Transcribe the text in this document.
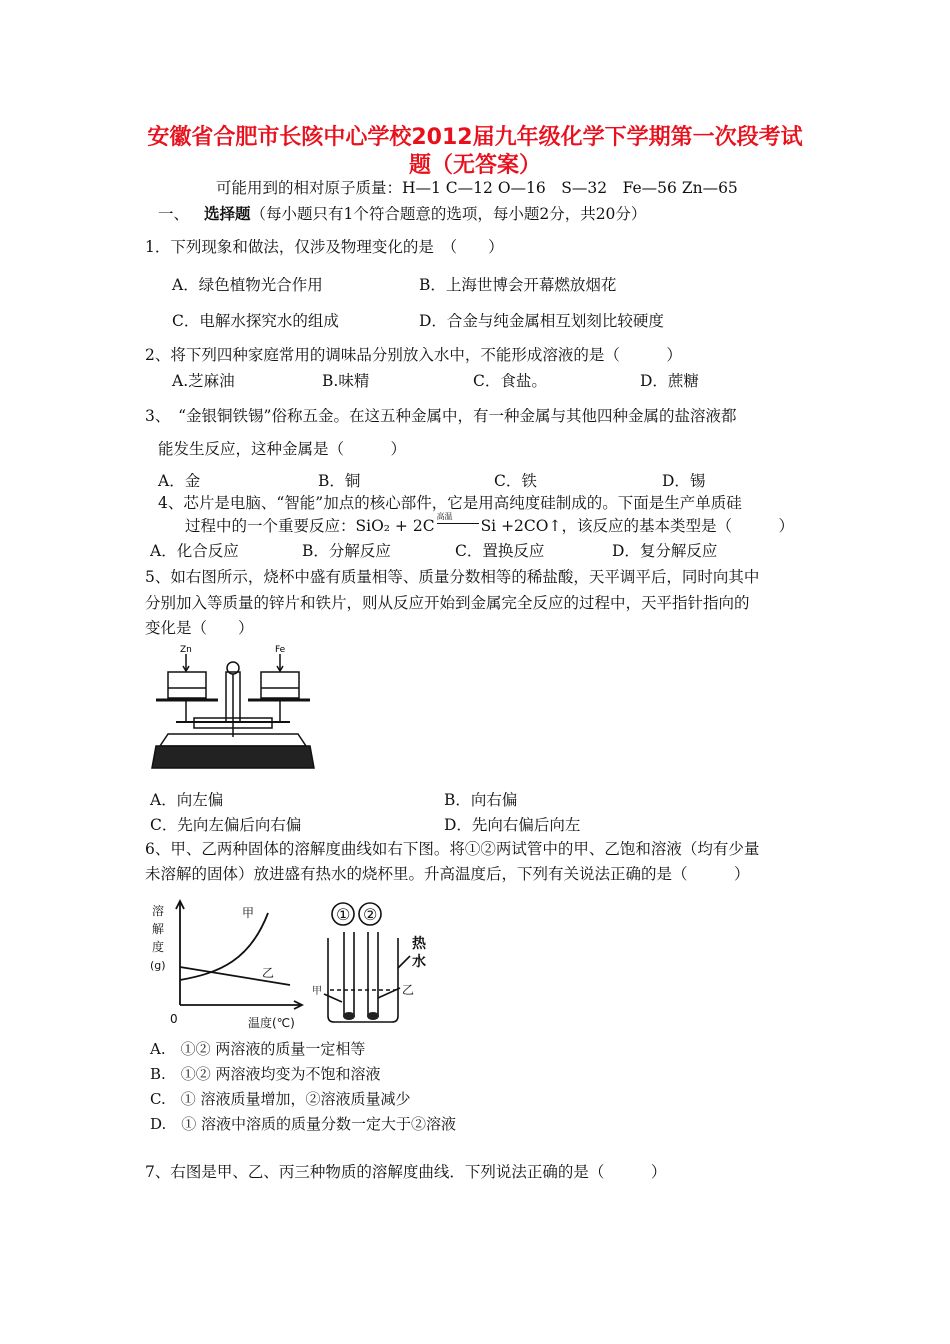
安徽省合肥市长陔中心学校2012届九年级化学下学期第一次段考试
题（无答案）
可能用到的相对原子质量：H—1 C—12 O—16　S—32　Fe—56 Zn—65
一、 选择题（每小题只有1个符合题意的选项，每小题2分，共20分）
1．下列现象和做法，仅涉及物理变化的是　（　　）
A．绿色植物光合作用	B．上海世博会开幕燃放烟花
C．电解水探究水的组成	D．合金与纯金属相互划刻比较硬度
2、将下列四种家庭常用的调味品分别放入水中，不能形成溶液的是（　　　）
A.芝麻油	B.味精	C．食盐。	D．蔗糖
3、　“金银铜铁锡”俗称五金。在这五种金属中，有一种金属与其他四种金属的盐溶液都
能发生反应，这种金属是（　　　）
A．金	B．铜	C．铁	D．锡
4、芯片是电脑、“智能”加点的核心部件，它是用高纯度硅制成的。下面是生产单质硅
过程中的一个重要反应：SiO₂ + 2C
高温
Si +2CO↑，该反应的基本类型是（　　　）
A．化合反应	B．分解反应	C．置换反应	D．复分解反应
5、如右图所示，烧杯中盛有质量相等、质量分数相等的稀盐酸，天平调平后，同时向其中
分别加入等质量的锌片和铁片，则从反应开始到金属完全反应的过程中，天平指针指向的
变化是（　　）
Zn	Fe
A．向左偏	B．向右偏
C．先向左偏后向右偏	D．先向右偏后向左
6、甲、乙两种固体的溶解度曲线如右下图。将①②两试管中的甲、乙饱和溶液（均有少量
未溶解的固体）放进盛有热水的烧杯里。升高温度后，下列有关说法正确的是（　　　）
溶
解
度
(g)
0	温度(℃)
甲
乙
① ②
热
水
甲	乙
A.　①② 两溶液的质量一定相等
B.　①② 两溶液均变为不饱和溶液
C.　① 溶液质量增加，②溶液质量减少
D.　① 溶液中溶质的质量分数一定大于②溶液
7、右图是甲、乙、丙三种物质的溶解度曲线．下列说法正确的是（　　　）
